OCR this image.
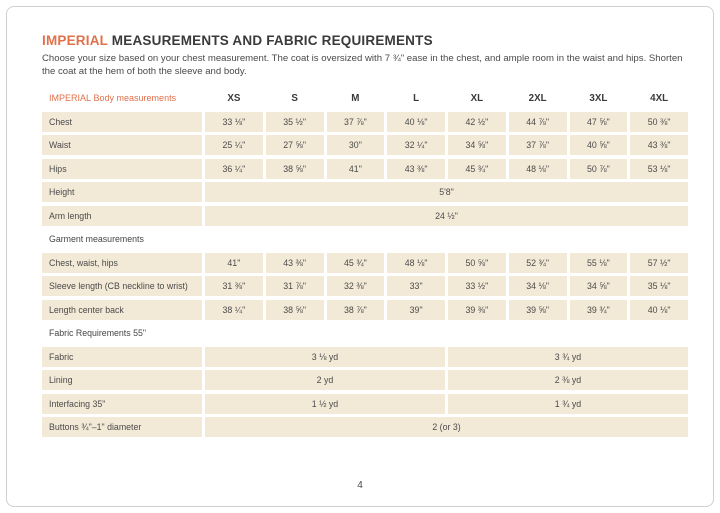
IMPERIAL MEASUREMENTS AND FABRIC REQUIREMENTS

Choose your size based on your chest measurement. The coat is oversized with 7 ¾" ease in the chest, and ample room in the waist and hips. Shorten the coat at the hem of both the sleeve and body.

IMPERIAL
Body measurements	XS	S	M	L	XL	2XL	3XL	4XL
Chest	33 ⅛"	35 ½"	37 ⅞"	40 ⅛"	42 ½"	44 ⅞"	47 ⅝"	50 ⅜"
Waist	25 ¼"	27 ⅝"	30"	32 ¼"	34 ⅝"	37 ⅞"	40 ⅝"	43 ⅜"
Hips	36 ¼"	38 ⅝"	41"	43 ⅜"	45 ¾"	48 ⅛"	50 ⅞"	53 ⅛"
Height	5'8"
Arm length	24 ½"
Garment measurements
Chest, waist, hips	41"	43 ⅜"	45 ¾"	48 ⅛"	50 ⅝"	52 ¾"	55 ⅛"	57 ½"
Sleeve length (CB neckline to wrist)	31 ⅜"	31 ⅞"	32 ⅜"	33"	33 ½"	34 ⅛"	34 ⅝"	35 ⅛"
Length center back	38 ¼"	38 ⅝"	38 ⅞"	39"	39 ⅜"	39 ⅝"	39 ¾"	40 ⅛"
Fabric Requirements 55"
Fabric	3 ⅛ yd	3 ¾ yd
Lining	2 yd	2 ⅜ yd
Interfacing 35"	1 ½ yd	1 ¾ yd
Buttons ¾"–1" diameter	2 (or 3)
4
